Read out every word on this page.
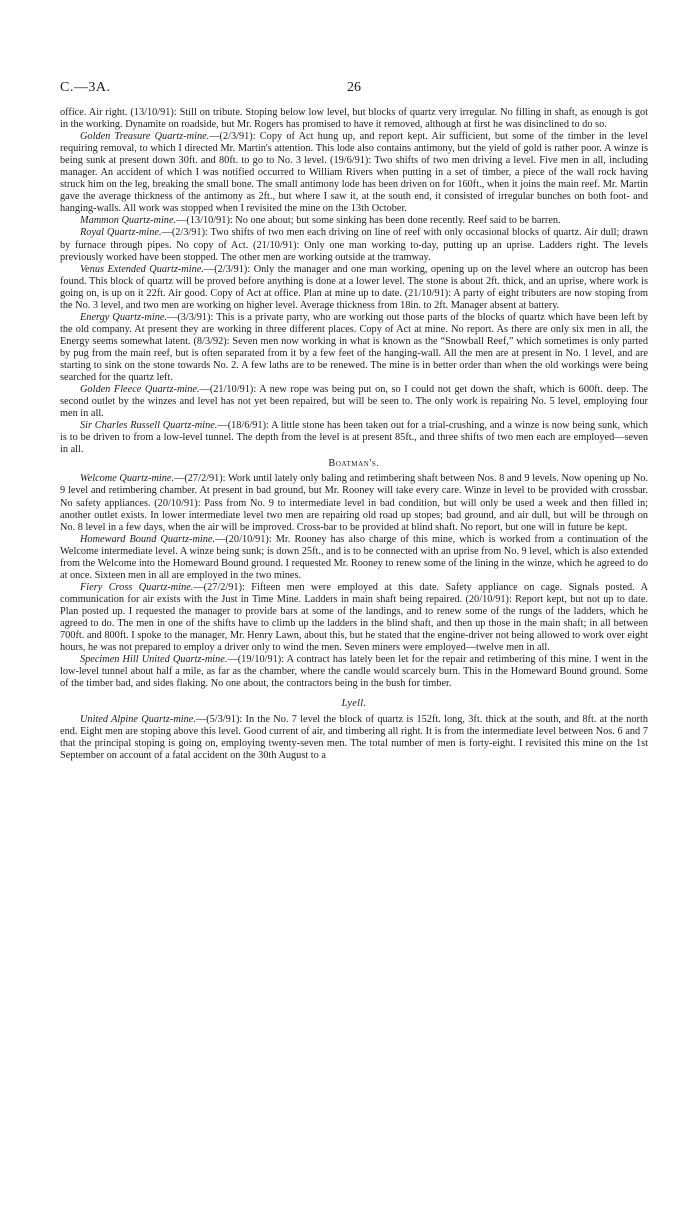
C.—3A.	26

office. Air right. (13/10/91): Still on tribute. Stoping below low level, but blocks of quartz very irregular. No filling in shaft, as enough is got in the working. Dynamite on roadside, but Mr. Rogers has promised to have it removed, although at first he was disinclined to do so.

Golden Treasure Quartz-mine.—(2/3/91): Copy of Act hung up, and report kept. Air sufficient, but some of the timber in the level requiring removal, to which I directed Mr. Martin's attention. This lode also contains antimony, but the yield of gold is rather poor. A winze is being sunk at present down 30ft. and 80ft. to go to No. 3 level. (19/6/91): Two shifts of two men driving a level. Five men in all, including manager. An accident of which I was notified occurred to William Rivers when putting in a set of timber, a piece of the wall rock having struck him on the leg, breaking the small bone. The small antimony lode has been driven on for 160ft., when it joins the main reef. Mr. Martin gave the average thickness of the antimony as 2ft., but where I saw it, at the south end, it consisted of irregular bunches on both foot- and hanging-walls. All work was stopped when I revisited the mine on the 13th October.

Mammon Quartz-mine.—(13/10/91): No one about; but some sinking has been done recently. Reef said to be barren.

Royal Quartz-mine.—(2/3/91): Two shifts of two men each driving on line of reef with only occasional blocks of quartz. Air dull; drawn by furnace through pipes. No copy of Act. (21/10/91): Only one man working to-day, putting up an uprise. Ladders right. The levels previously worked have been stopped. The other men are working outside at the tramway.

Venus Extended Quartz-mine.—(2/3/91): Only the manager and one man working, opening up on the level where an outcrop has been found. This block of quartz will be proved before anything is done at a lower level. The stone is about 2ft. thick, and an uprise, where work is going on, is up on it 22ft. Air good. Copy of Act at office. Plan at mine up to date. (21/10/91): A party of eight tributers are now stoping from the No. 3 level, and two men are working on higher level. Average thickness from 18in. to 2ft. Manager absent at battery.

Energy Quartz-mine.—(3/3/91): This is a private party, who are working out those parts of the blocks of quartz which have been left by the old company. At present they are working in three different places. Copy of Act at mine. No report. As there are only six men in all, the Energy seems somewhat latent. (8/3/92): Seven men now working in what is known as the “Snowball Reef,” which sometimes is only parted by pug from the main reef, but is often separated from it by a few feet of the hanging-wall. All the men are at present in No. 1 level, and are starting to sink on the stone towards No. 2. A few laths are to be renewed. The mine is in better order than when the old workings were being searched for the quartz left.

Golden Fleece Quartz-mine.—(21/10/91): A new rope was being put on, so I could not get down the shaft, which is 600ft. deep. The second outlet by the winzes and level has not yet been repaired, but will be seen to. The only work is repairing No. 5 level, employing four men in all.

Sir Charles Russell Quartz-mine.—(18/6/91): A little stone has been taken out for a trial-crushing, and a winze is now being sunk, which is to be driven to from a low-level tunnel. The depth from the level is at present 85ft., and three shifts of two men each are employed—seven in all.

Boatman's.

Welcome Quartz-mine.—(27/2/91): Work until lately only baling and retimbering shaft between Nos. 8 and 9 levels. Now opening up No. 9 level and retimbering chamber. At present in bad ground, but Mr. Rooney will take every care. Winze in level to be provided with crossbar. No safety appliances. (20/10/91): Pass from No. 9 to intermediate level in bad condition, but will only be used a week and then filled in; another outlet exists. In lower intermediate level two men are repairing old road up stopes; bad ground, and air dull, but will be through on No. 8 level in a few days, when the air will be improved. Cross-bar to be provided at blind shaft. No report, but one will in future be kept.

Homeward Bound Quartz-mine.—(20/10/91): Mr. Rooney has also charge of this mine, which is worked from a continuation of the Welcome intermediate level. A winze being sunk; is down 25ft., and is to be connected with an uprise from No. 9 level, which is also extended from the Welcome into the Homeward Bound ground. I requested Mr. Rooney to renew some of the lining in the winze, which he agreed to do at once. Sixteen men in all are employed in the two mines.

Fiery Cross Quartz-mine.—(27/2/91): Fifteen men were employed at this date. Safety appliance on cage. Signals posted. A communication for air exists with the Just in Time Mine. Ladders in main shaft being repaired. (20/10/91): Report kept, but not up to date. Plan posted up. I requested the manager to provide bars at some of the landings, and to renew some of the rungs of the ladders, which he agreed to do. The men in one of the shifts have to climb up the ladders in the blind shaft, and then up those in the main shaft; in all between 700ft. and 800ft. I spoke to the manager, Mr. Henry Lawn, about this, but he stated that the engine-driver not being allowed to work over eight hours, he was not prepared to employ a driver only to wind the men. Seven miners were employed—twelve men in all.

Specimen Hill United Quartz-mine.—(19/10/91): A contract has lately been let for the repair and retimbering of this mine. I went in the low-level tunnel about half a mile, as far as the chamber, where the candle would scarcely burn. This in the Homeward Bound ground. Some of the timber bad, and sides flaking. No one about, the contractors being in the bush for timber.

Lyell.

United Alpine Quartz-mine.—(5/3/91): In the No. 7 level the block of quartz is 152ft. long, 3ft. thick at the south, and 8ft. at the north end. Eight men are stoping above this level. Good current of air, and timbering all right. It is from the intermediate level between Nos. 6 and 7 that the principal stoping is going on, employing twenty-seven men. The total number of men is forty-eight. I revisited this mine on the 1st September on account of a fatal accident on the 30th August to a
